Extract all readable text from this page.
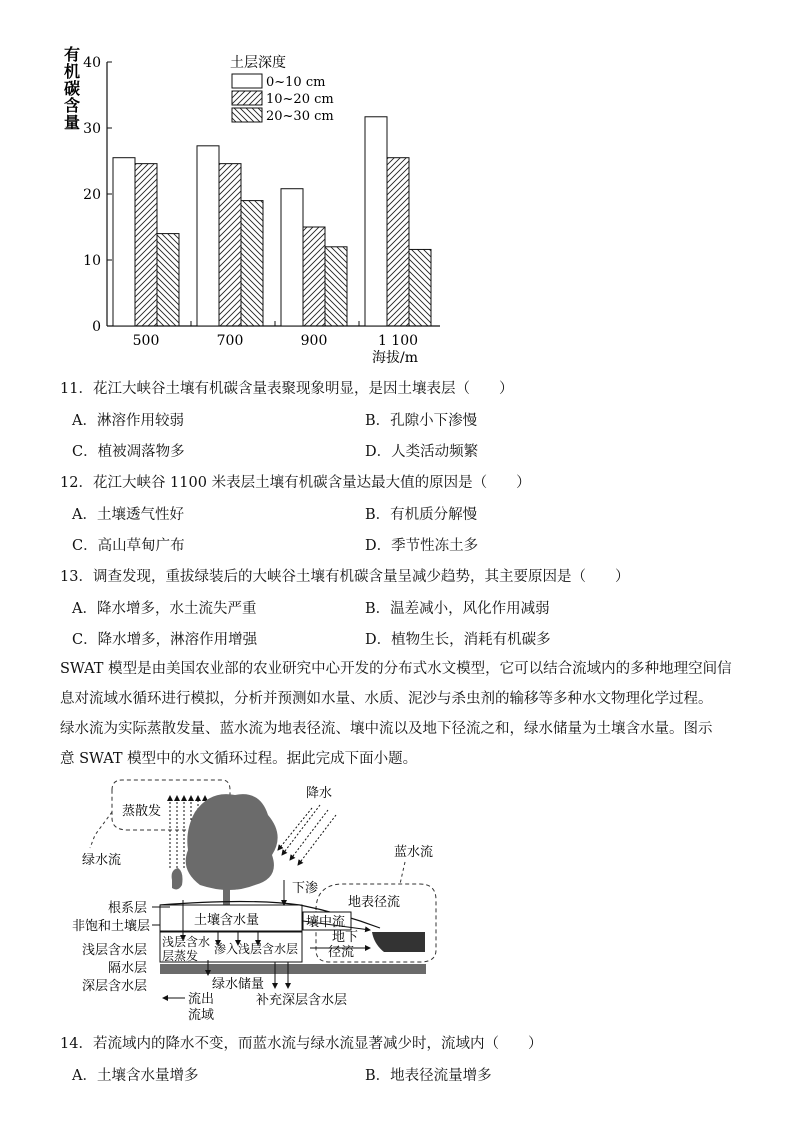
有机碳含量
0
10
20
30
40
500	700	900	1 100
海拔/m
土层深度
0~10 cm
10~20 cm
20~30 cm
11．花江大峡谷土壤有机碳含量表聚现象明显，是因土壤表层（　　）
A．淋溶作用较弱	B．孔隙小下渗慢
C．植被凋落物多	D．人类活动频繁
12．花江大峡谷 1100 米表层土壤有机碳含量达最大值的原因是（　　）
A．土壤透气性好	B．有机质分解慢
C．高山草甸广布	D．季节性冻土多
13．调查发现，重拔绿装后的大峡谷土壤有机碳含量呈减少趋势，其主要原因是（　　）
A．降水增多，水土流失严重	B．温差减小，风化作用减弱
C．降水增多，淋溶作用增强	D．植物生长，消耗有机碳多

SWAT 模型是由美国农业部的农业研究中心开发的分布式水文模型，它可以结合流域内的多种地理空间信

息对流域水循环进行模拟，分析并预测如水量、水质、泥沙与杀虫剂的输移等多种水文物理化学过程。

绿水流为实际蒸散发量、蓝水流为地表径流、壤中流以及地下径流之和，绿水储量为土壤含水量。图示

意 SWAT 模型中的水文循环过程。据此完成下面小题。

蒸散发
绿水流
降水
下渗
蓝水流
地表径流
土壤含水量	壤中流
地下
径流
根系层
非饱和土壤层
浅层含水层
隔水层
深层含水层
浅层含水
层蒸发 渗入浅层含水层
绿水储量
补充深层含水层
流出
流域
14．若流域内的降水不变，而蓝水流与绿水流显著减少时，流域内（　　）
A．土壤含水量增多	B．地表径流量增多
